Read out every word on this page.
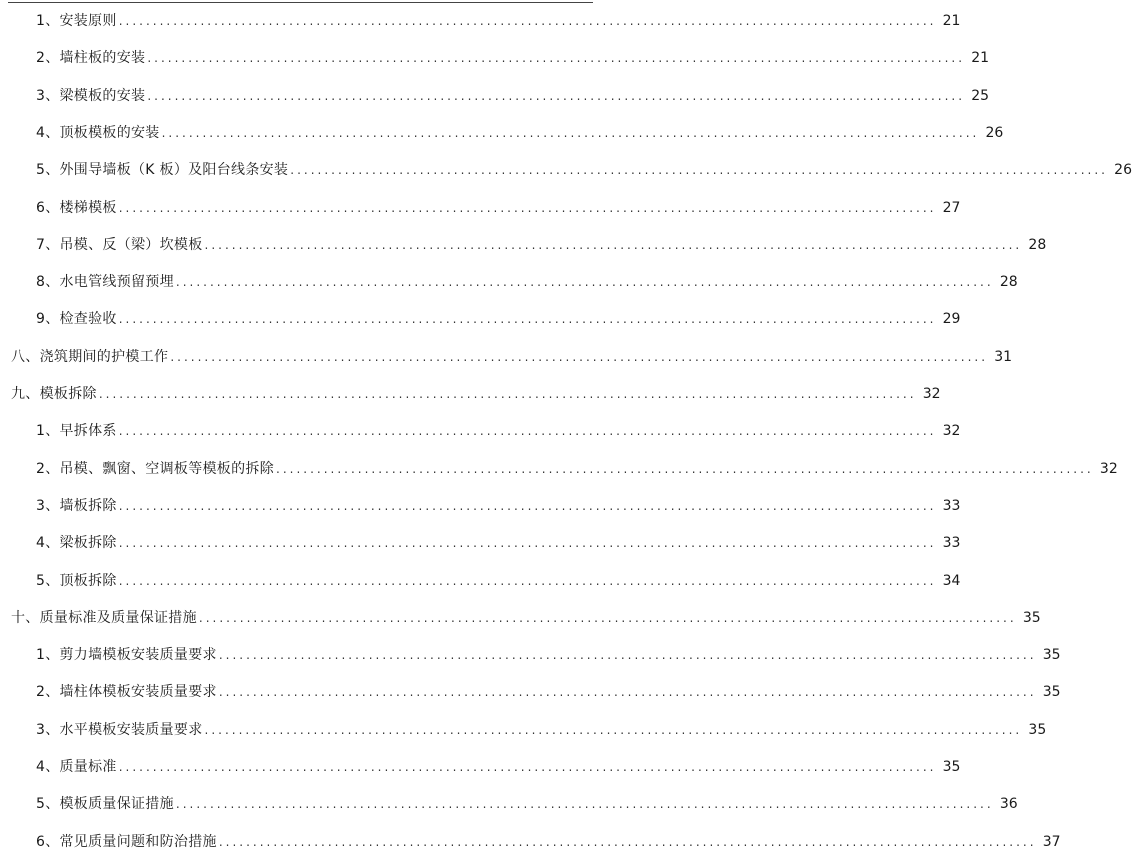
1、安装原则 ........................................................................................................................ 21
2、墙柱板的安装 ........................................................................................................................ 21
3、梁模板的安装 ........................................................................................................................ 25
4、顶板模板的安装 ........................................................................................................................ 26
5、外围导墙板（K 板）及阳台线条安装 ........................................................................................................................ 26
6、楼梯模板 ........................................................................................................................ 27
7、吊模、反（梁）坎模板 ........................................................................................................................ 28
8、水电管线预留预埋 ........................................................................................................................ 28
9、检查验收 ........................................................................................................................ 29
八、浇筑期间的护模工作 ........................................................................................................................ 31
九、模板拆除 ........................................................................................................................ 32
1、早拆体系 ........................................................................................................................ 32
2、吊模、飘窗、空调板等模板的拆除 ........................................................................................................................ 32
3、墙板拆除 ........................................................................................................................ 33
4、梁板拆除 ........................................................................................................................ 33
5、顶板拆除 ........................................................................................................................ 34
十、质量标准及质量保证措施 ........................................................................................................................ 35
1、剪力墙模板安装质量要求 ........................................................................................................................ 35
2、墙柱体模板安装质量要求 ........................................................................................................................ 35
3、水平模板安装质量要求 ........................................................................................................................ 35
4、质量标准 ........................................................................................................................ 35
5、模板质量保证措施 ........................................................................................................................ 36
6、常见质量问题和防治措施 ........................................................................................................................ 37
